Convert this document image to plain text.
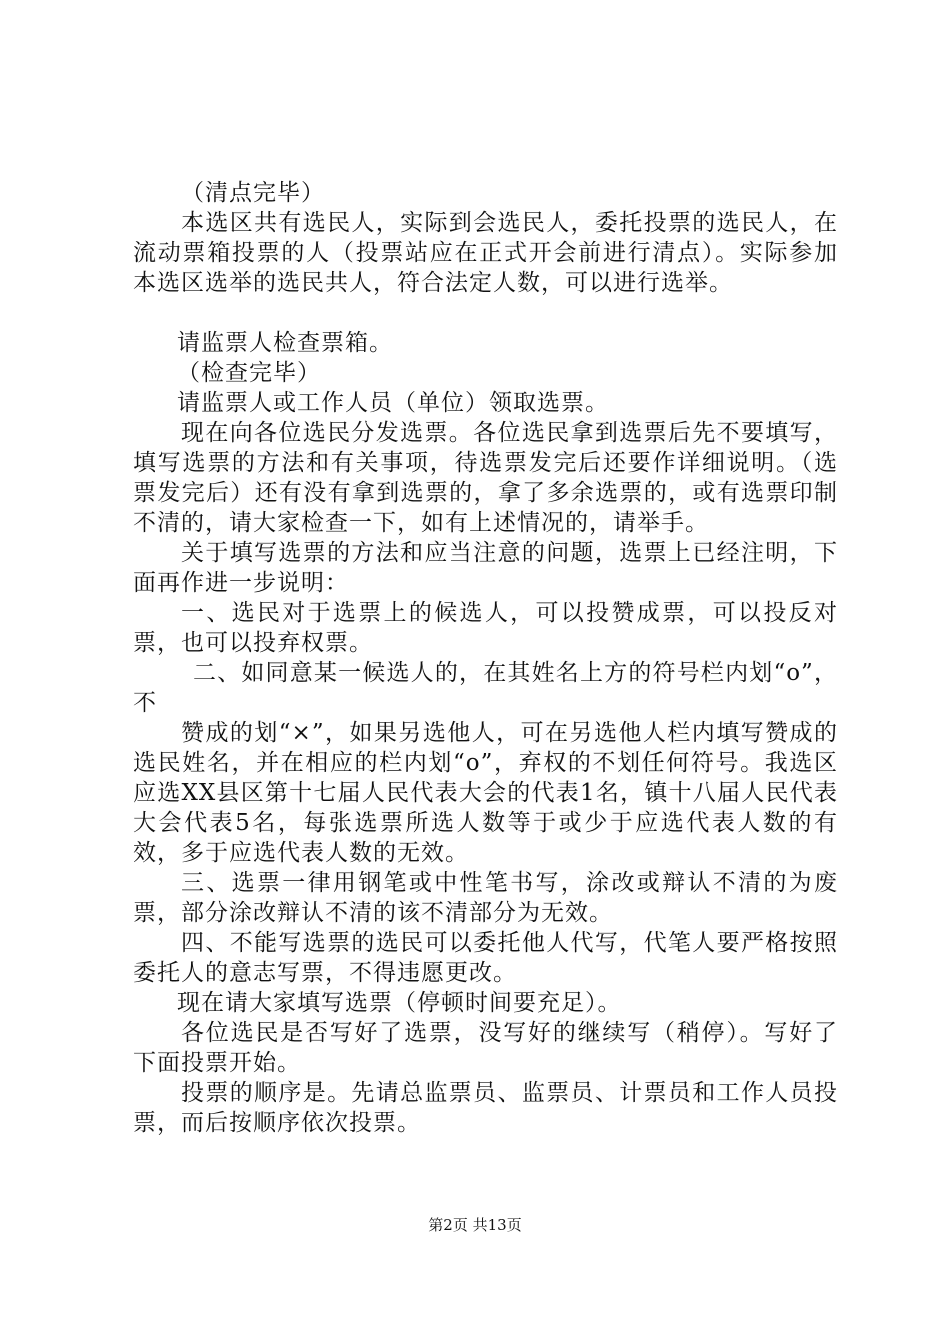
（清点完毕）

本选区共有选民人，实际到会选民人，委托投票的选民人，在流动票箱投票的人（投票站应在正式开会前进行清点）。实际参加本选区选举的选民共人，符合法定人数，可以进行选举。

请监票人检查票箱。

（检查完毕）

请监票人或工作人员（单位）领取选票。

现在向各位选民分发选票。各位选民拿到选票后先不要填写，填写选票的方法和有关事项，待选票发完后还要作详细说明。（选票发完后）还有没有拿到选票的，拿了多余选票的，或有选票印制不清的，请大家检查一下，如有上述情况的，请举手。

关于填写选票的方法和应当注意的问题，选票上已经注明，下面再作进一步说明：

一、选民对于选票上的候选人，可以投赞成票，可以投反对票，也可以投弃权票。

二、如同意某一候选人的，在其姓名上方的符号栏内划“o”，不

赞成的划“×”，如果另选他人，可在另选他人栏内填写赞成的选民姓名，并在相应的栏内划“o”，弃权的不划任何符号。我选区应选XX县区第十七届人民代表大会的代表1名，镇十八届人民代表大会代表5名，每张选票所选人数等于或少于应选代表人数的有效，多于应选代表人数的无效。

三、选票一律用钢笔或中性笔书写，涂改或辩认不清的为废票，部分涂改辩认不清的该不清部分为无效。

四、不能写选票的选民可以委托他人代写，代笔人要严格按照委托人的意志写票，不得违愿更改。

现在请大家填写选票（停顿时间要充足）。

各位选民是否写好了选票，没写好的继续写（稍停）。写好了下面投票开始。

投票的顺序是。先请总监票员、监票员、计票员和工作人员投票，而后按顺序依次投票。

第2页 共13页
